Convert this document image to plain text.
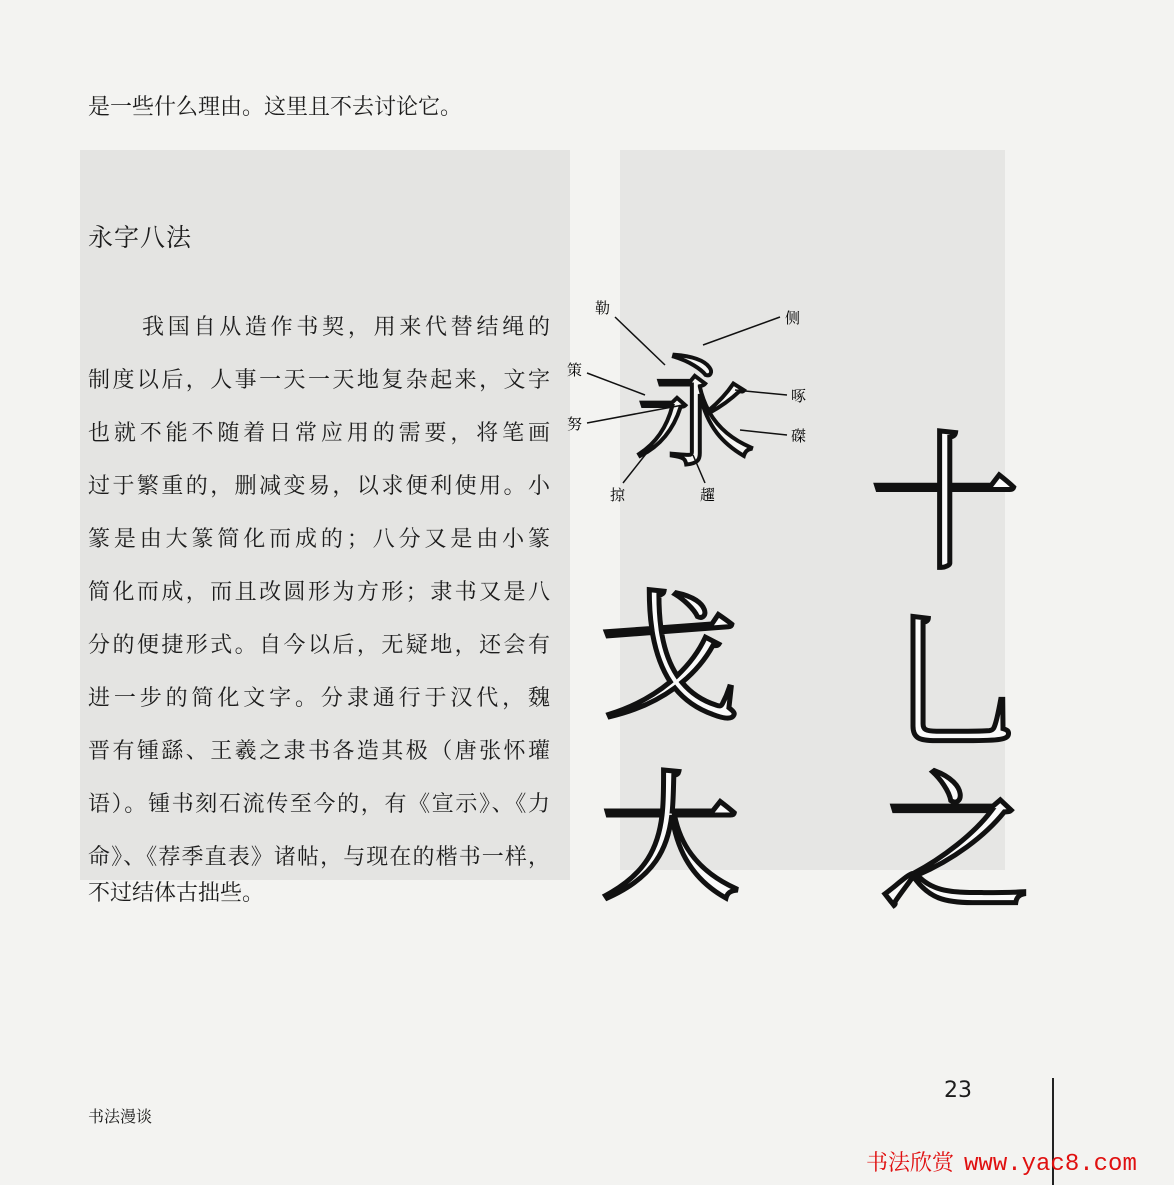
是一些什么理由。这里且不去讨论它。
永字八法
我国自从造作书契，用来代替结绳的
制度以后，人事一天一天地复杂起来，文字
也就不能不随着日常应用的需要，将笔画
过于繁重的，删减变易，以求便利使用。小
篆是由大篆简化而成的；八分又是由小篆
简化而成，而且改圆形为方形；隶书又是八
分的便捷形式。自今以后，无疑地，还会有
进一步的简化文字。分隶通行于汉代，魏
晋有锺繇、王羲之隶书各造其极（唐张怀瓘
语）。锺书刻石流传至今的，有《宣示》、《力
命》、《荐季直表》诸帖，与现在的楷书一样，
不过结体古拙些。
永
侧
勒
策
啄
磔
努
掠	趯 十
乚
戈
大 之
23
书法漫谈
书法欣赏 www.yac8.com
